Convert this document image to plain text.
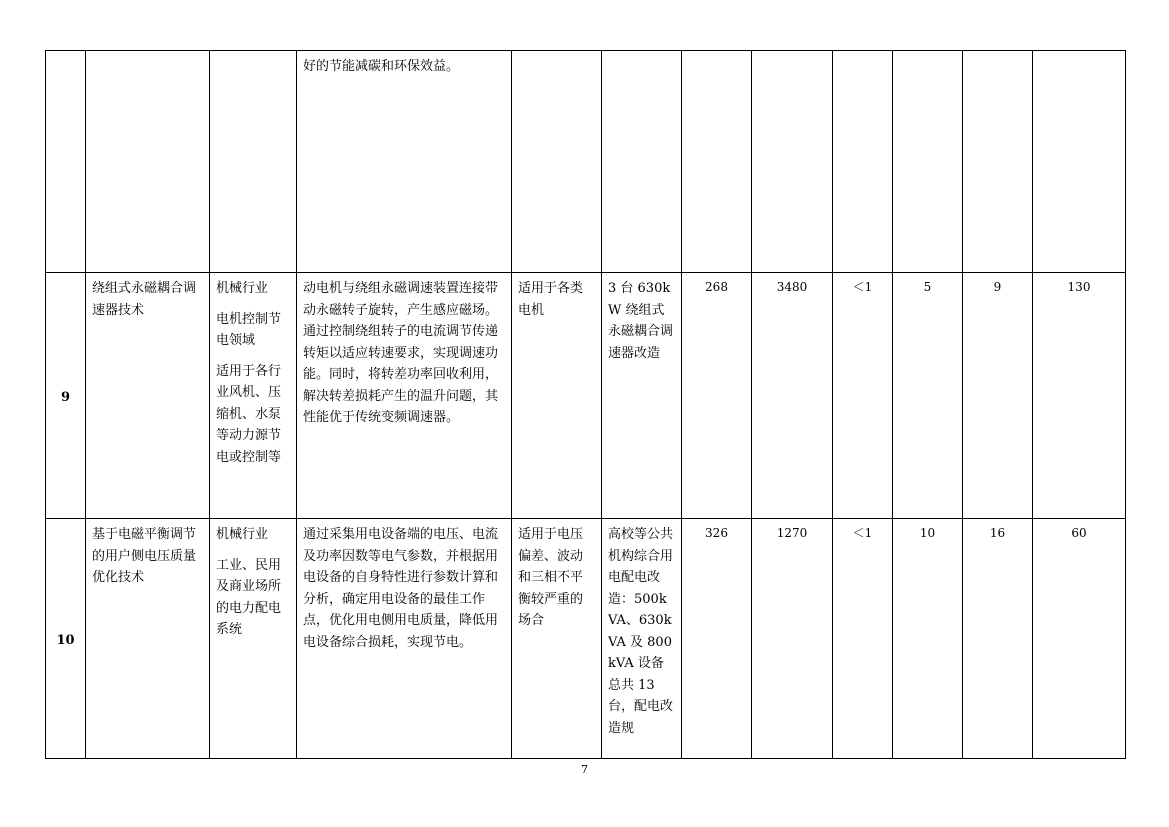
			好的节能减碳和环保效益。								
9	绕组式永磁耦合调速器技术	机械行业
电机控制节电领域
适用于各行业风机、压缩机、水泵等动力源节电或控制等	动电机与绕组永磁调速装置连接带动永磁转子旋转，产生感应磁场。通过控制绕组转子的电流调节传递转矩以适应转速要求，实现调速功能。同时，将转差功率回收利用，解决转差损耗产生的温升问题，其性能优于传统变频调速器。	适用于各类电机	3 台 630kW 绕组式永磁耦合调速器改造	268	3480	＜1	5	9	130
10	基于电磁平衡调节的用户侧电压质量优化技术	机械行业
工业、民用及商业场所的电力配电系统	通过采集用电设备端的电压、电流及功率因数等电气参数，并根据用电设备的自身特性进行参数计算和分析，确定用电设备的最佳工作点，优化用电侧用电质量，降低用电设备综合损耗，实现节电。	适用于电压偏差、波动和三相不平衡较严重的场合	高校等公共机构综合用电配电改造：500kVA、630kVA 及 800kVA 设备总共 13 台，配电改造规	326	1270	＜1	10	16	60
7
